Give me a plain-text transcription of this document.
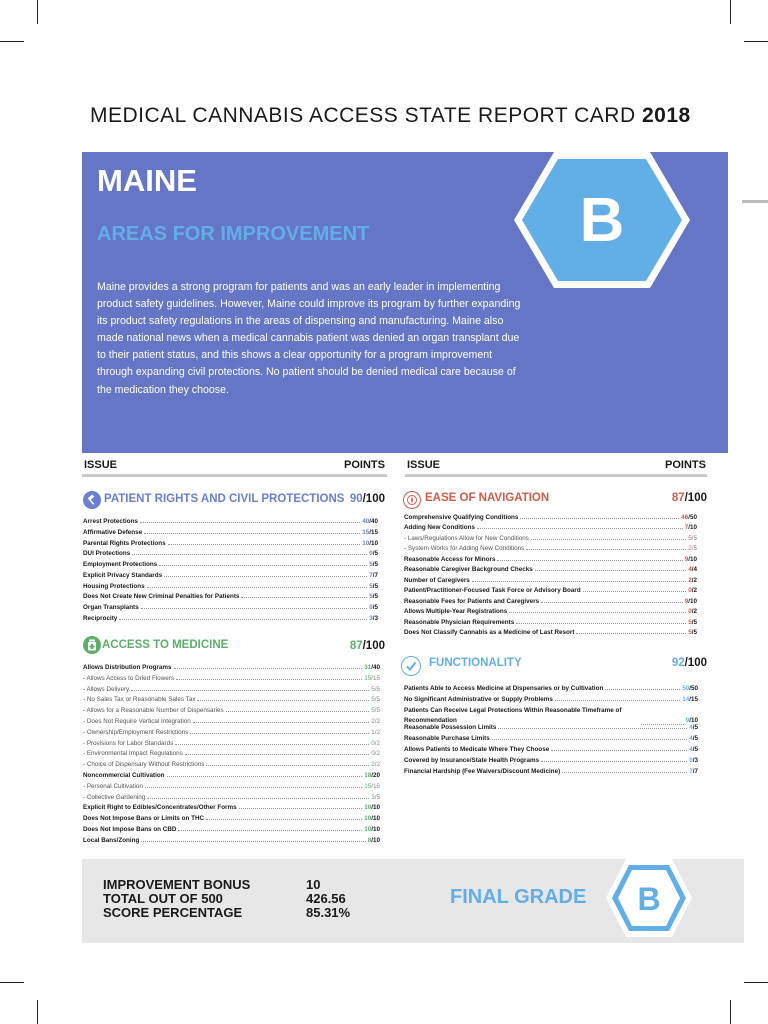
MEDICAL CANNABIS ACCESS STATE REPORT CARD 2018
MAINE
AREAS FOR IMPROVEMENT
Maine provides a strong program for patients and was an early leader in implementing product safety guidelines. However, Maine could improve its program by further expanding its product safety regulations in the areas of dispensing and manufacturing. Maine also made national news when a medical cannabis patient was denied an organ transplant due to their patient status, and this shows a clear opportunity for a program improvement through expanding civil protections. No patient should be denied medical care because of the medication they choose.
B
ISSUE	POINTS ISSUE	POINTS
PATIENT RIGHTS AND CIVIL PROTECTIONS 90/100
Arrest Protections	40/40
Affirmative Defense	15/15
Parental Rights Protections	10/10
DUI Protections	0/5
Employment Protections	5/5
Explicit Privacy Standards	7/7
Housing Protections	5/5
Does Not Create New Criminal Penalties for Patients	5/5
Organ Transplants	0/5
Reciprocity	3/3
ACCESS TO MEDICINE	87/100
Allows Distribution Programs	31/40
- Allows Access to Dried Flowers	15/15
- Allows Delivery	5/5
- No Sales Tax or Reasonable Sales Tax	5/5
- Allows for a Reasonable Number of Dispensaries	5/5
- Does Not Require Vertical Integration	2/2
- Ownership/Employment Restrictions	1/2
- Provisions for Labor Standards	0/2
- Environmental Impact Regulations	0/2
- Choice of Dispensary Without Restrictions	2/2
Noncommercial Cultivation	18/20
- Personal Cultivation	15/15
- Collective Gardening	3/5
Explicit Right to Edibles/Concentrates/Other Forms	10/10
Does Not Impose Bans or Limits on THC	10/10
Does Not Impose Bans on CBD	10/10
Local Bans/Zoning	8/10
EASE OF NAVIGATION	87/100
Comprehensive Qualifying Conditions	46/50
Adding New Conditions	7/10
- Laws/Regulations Allow for New Conditions	5/5
- System Works for Adding New Conditions	2/5
Reasonable Access for Minors	9/10
Reasonable Caregiver Background Checks	4/4
Number of Caregivers	2/2
Patient/Practitioner-Focused Task Force or Advisory Board	0/2
Reasonable Fees for Patients and Caregivers	9/10
Allows Multiple-Year Registrations	0/2
Reasonable Physician Requirements	5/5
Does Not Classify Cannabis as a Medicine of Last Resort	5/5
FUNCTIONALITY	92/100
Patients Able to Access Medicine at Dispensaries or by Cultivation	50/50
No Significant Administrative or Supply Problems	14/15
Patients Can Receive Legal Protections Within Reasonable Timeframe of Recommendation	9/10
Reasonable Possession Limits	4/5
Reasonable Purchase Limits	4/5
Allows Patients to Medicate Where They Choose	4/5
Covered by Insurance/State Health Programs	0/3
Financial Hardship (Fee Waivers/Discount Medicine)	7/7
IMPROVEMENT BONUS	10
TOTAL OUT OF 500	426.56
SCORE PERCENTAGE	85.31%
FINAL GRADE B
